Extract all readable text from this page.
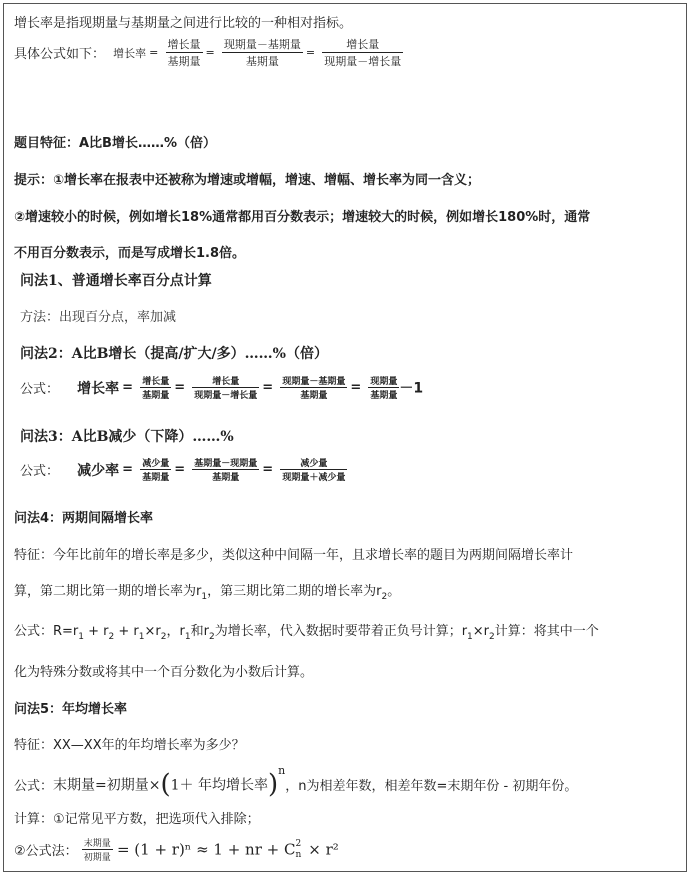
增长率是指现期量与基期量之间进行比较的一种相对指标。
具体公式如下： 增长率 = $\frac{\text{增长量}}{\text{基期量}} = \frac{\text{现期量－基期量}}{\text{基期量}} = \frac{\text{增长量}}{\text{现期量－增长量}}$
题目特征：A比B增长……%（倍）
提示：①增长率在报表中还被称为增速或增幅，增速、增幅、增长率为同一含义；
②增速较小的时候，例如增长18%通常都用百分数表示；增速较大的时候，例如增长180%时，通常
不用百分数表示，而是写成增长1.8倍。
问法1、普通增长率百分点计算
方法：出现百分点，率加减
问法2：A比B增长（提高/扩大/多）……%（倍）
公式： 增长率 = $\frac{\text{增长量}}{\text{基期量}} = \frac{\text{增长量}}{\text{现期量－增长量}} = \frac{\text{现期量－基期量}}{\text{基期量}} = \frac{\text{现期量}}{\text{基期量}} -1$
问法3：A比B减少（下降）……%
公式： 减少率 = $\frac{\text{减少量}}{\text{基期量}} = \frac{\text{基期量－现期量}}{\text{基期量}} = \frac{\text{减少量}}{\text{现期量＋减少量}}$
问法4：两期间隔增长率
特征：今年比前年的增长率是多少，类似这种中间隔一年，且求增长率的题目为两期间隔增长率计
算，第二期比第一期的增长率为$r_1$，第三期比第二期的增长率为$r_2$。
公式：$R=r_1 + r_2 + r_1\times r_2$，$r_1$和$r_2$为增长率，代入数据时要带着正负号计算；$r_1\times r_2$计算：将其中一个
化为特殊分数或将其中一个百分数化为小数后计算。
问法5：年均增长率
特征：XX—XX年的年均增长率为多少？
公式：末期量=初期量×(1＋ 年均增长率)$^n$，n为相差年数，相差年数=末期年份 - 初期年份。
计算：①记常见平方数，把选项代入排除；
②公式法： $\frac{\text{末期量}}{\text{初期量}} = (1 + r)^n \approx 1$ + nr + C 2
n × r²
